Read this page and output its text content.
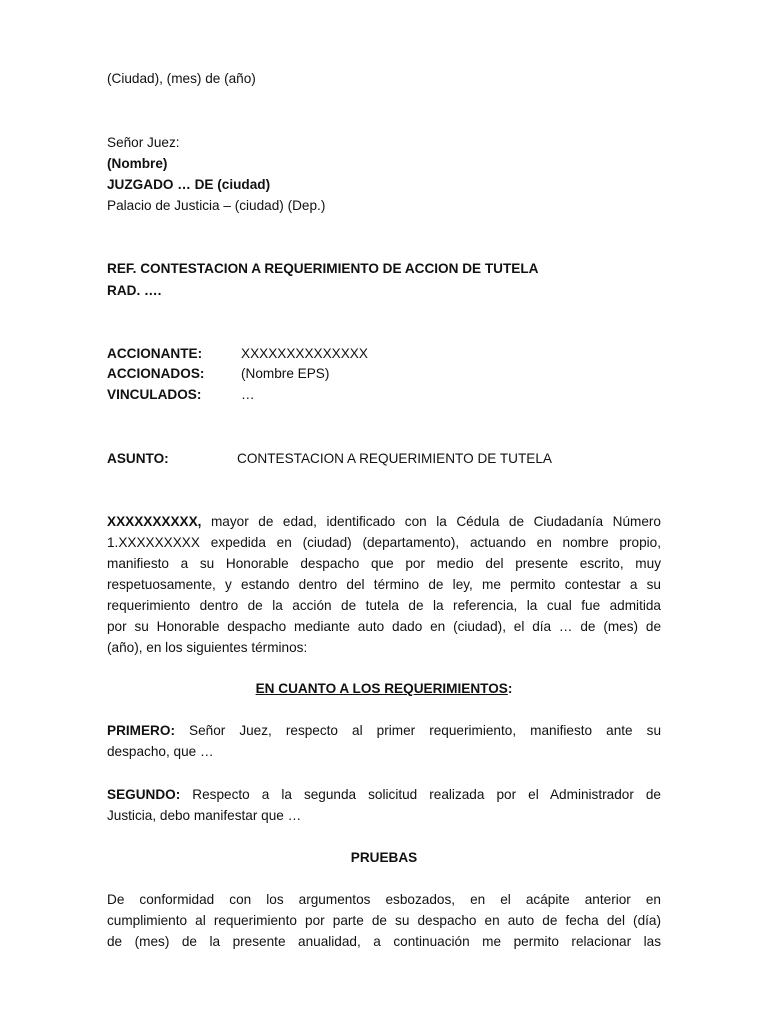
(Ciudad), (mes) de (año)
Señor Juez:
(Nombre)
JUZGADO … DE (ciudad)
Palacio de Justicia – (ciudad) (Dep.)
REF. CONTESTACION A REQUERIMIENTO DE ACCION DE TUTELA
RAD. ….
ACCIONANTE:	XXXXXXXXXXXXXX
ACCIONADOS:	(Nombre EPS)
VINCULADOS:	…
ASUNTO:	CONTESTACION A REQUERIMIENTO DE TUTELA
XXXXXXXXXX, mayor de edad, identificado con la Cédula de Ciudadanía Número
1.XXXXXXXXX expedida en (ciudad) (departamento), actuando en nombre propio,
manifiesto a su Honorable despacho que por medio del presente escrito, muy
respetuosamente, y estando dentro del término de ley, me permito contestar a su
requerimiento dentro de la acción de tutela de la referencia, la cual fue admitida
por su Honorable despacho mediante auto dado en (ciudad), el día … de (mes) de
(año), en los siguientes términos:
EN CUANTO A LOS REQUERIMIENTOS:
PRIMERO: Señor Juez, respecto al primer requerimiento, manifiesto ante su
despacho, que …
SEGUNDO: Respecto a la segunda solicitud realizada por el Administrador de
Justicia, debo manifestar que …
PRUEBAS
De conformidad con los argumentos esbozados, en el acápite anterior en
cumplimiento al requerimiento por parte de su despacho en auto de fecha del (día)
de (mes) de la presente anualidad, a continuación me permito relacionar las
